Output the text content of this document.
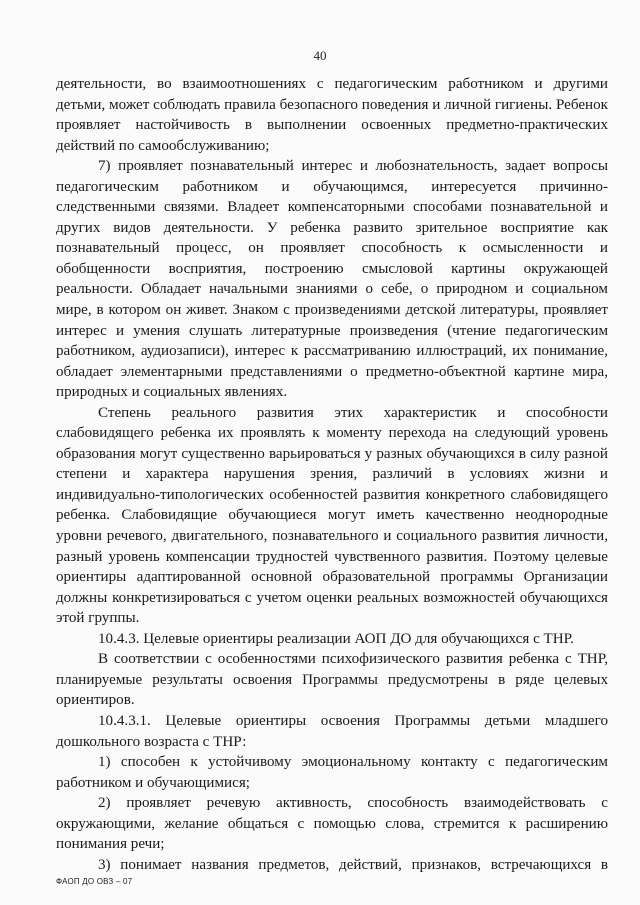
40

деятельности, во взаимоотношениях с педагогическим работником и другими детьми, может соблюдать правила безопасного поведения и личной гигиены. Ребенок проявляет настойчивость в выполнении освоенных предметно-практических действий по самообслуживанию;

7) проявляет познавательный интерес и любознательность, задает вопросы педагогическим работником и обучающимся, интересуется причинно-следственными связями. Владеет компенсаторными способами познавательной и других видов деятельности. У ребенка развито зрительное восприятие как познавательный процесс, он проявляет способность к осмысленности и обобщенности восприятия, построению смысловой картины окружающей реальности. Обладает начальными знаниями о себе, о природном и социальном мире, в котором он живет. Знаком с произведениями детской литературы, проявляет интерес и умения слушать литературные произведения (чтение педагогическим работником, аудиозаписи), интерес к рассматриванию иллюстраций, их понимание, обладает элементарными представлениями о предметно-объектной картине мира, природных и социальных явлениях.

Степень реального развития этих характеристик и способности слабовидящего ребенка их проявлять к моменту перехода на следующий уровень образования могут существенно варьироваться у разных обучающихся в силу разной степени и характера нарушения зрения, различий в условиях жизни и индивидуально-типологических особенностей развития конкретного слабовидящего ребенка. Слабовидящие обучающиеся могут иметь качественно неоднородные уровни речевого, двигательного, познавательного и социального развития личности, разный уровень компенсации трудностей чувственного развития. Поэтому целевые ориентиры адаптированной основной образовательной программы Организации должны конкретизироваться с учетом оценки реальных возможностей обучающихся этой группы.

10.4.3. Целевые ориентиры реализации АОП ДО для обучающихся с ТНР.

В соответствии с особенностями психофизического развития ребенка с ТНР, планируемые результаты освоения Программы предусмотрены в ряде целевых ориентиров.

10.4.3.1. Целевые ориентиры освоения Программы детьми младшего дошкольного возраста с ТНР:

1) способен к устойчивому эмоциональному контакту с педагогическим работником и обучающимися;

2) проявляет речевую активность, способность взаимодействовать с окружающими, желание общаться с помощью слова, стремится к расширению понимания речи;

3) понимает названия предметов, действий, признаков, встречающихся в

ФАОП ДО ОВЗ – 07
